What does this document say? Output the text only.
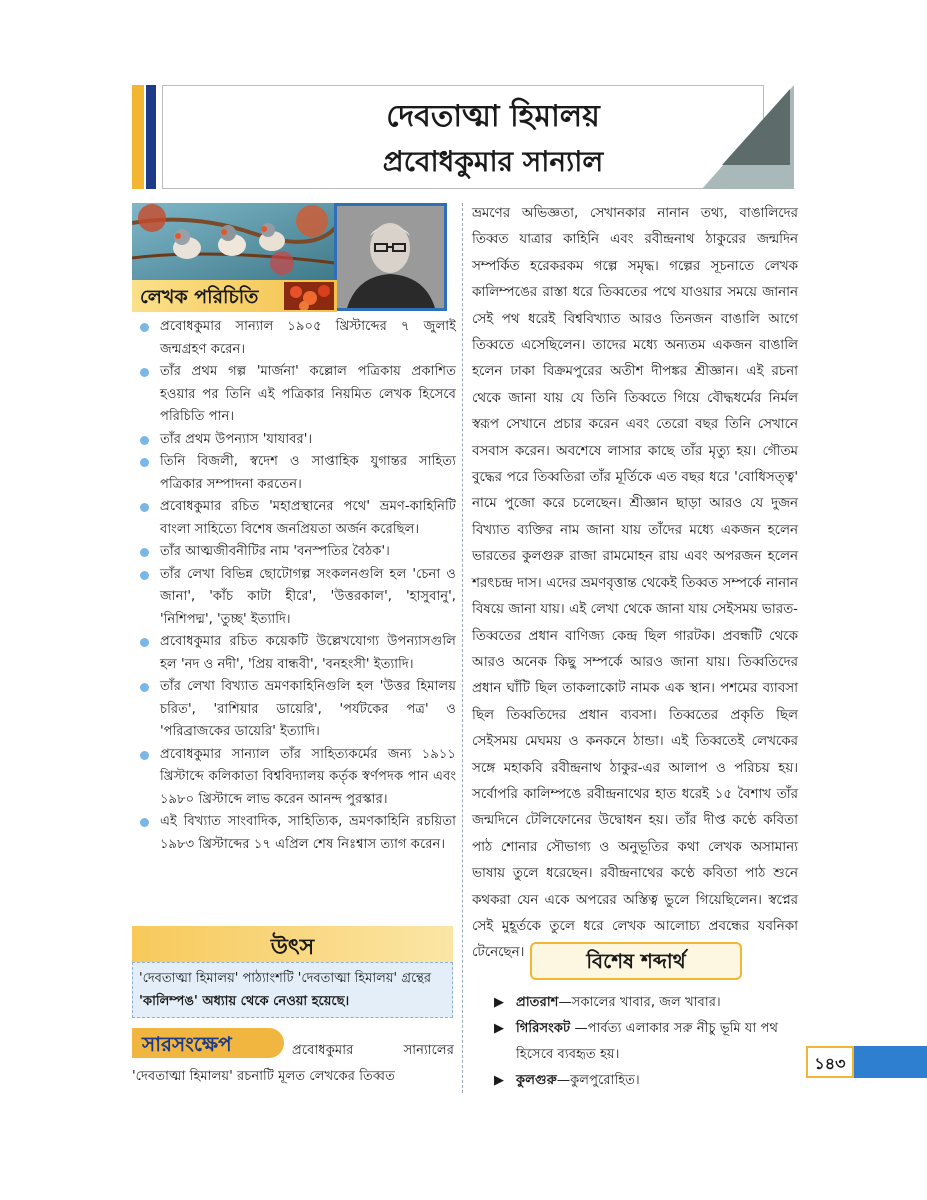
দেবতাত্মা হিমালয়
প্রবোধকুমার সান্যাল
লেখক পরিচিতি
প্রবোধকুমার সান্যাল ১৯০৫ খ্রিস্টাব্দের ৭ জুলাই জন্মগ্রহণ করেন।
তাঁর প্রথম গল্প 'মার্জনা' কল্লোল পত্রিকায় প্রকাশিত হওয়ার পর তিনি এই পত্রিকার নিয়মিত লেখক হিসেবে পরিচিতি পান।
তাঁর প্রথম উপন্যাস 'যাযাবর'।
তিনি বিজলী, স্বদেশ ও সাপ্তাহিক যুগান্তর সাহিত্য পত্রিকার সম্পাদনা করতেন।
প্রবোধকুমার রচিত 'মহাপ্রস্থানের পথে' ভ্রমণ-কাহিনিটি বাংলা সাহিত্যে বিশেষ জনপ্রিয়তা অর্জন করেছিল।
তাঁর আত্মজীবনীটির নাম 'বনস্পতির বৈঠক'।
তাঁর লেখা বিভিন্ন ছোটোগল্প সংকলনগুলি হল 'চেনা ও জানা', 'কাঁচ কাটা হীরে', 'উত্তরকাল', 'হাসুবানু', 'নিশিপদ্ম', 'তুচ্ছ' ইত্যাদি।
প্রবোধকুমার রচিত কয়েকটি উল্লেখযোগ্য উপন্যাসগুলি হল 'নদ ও নদী', 'প্রিয় বান্ধবী', 'বনহংসী' ইত্যাদি।
তাঁর লেখা বিখ্যাত ভ্রমণকাহিনিগুলি হল 'উত্তর হিমালয় চরিত', 'রাশিয়ার ডায়েরি', 'পর্যটকের পত্র' ও 'পরিব্রাজকের ডায়েরি' ইত্যাদি।
প্রবোধকুমার সান্যাল তাঁর সাহিত্যকর্মের জন্য ১৯১১ খ্রিস্টাব্দে কলিকাতা বিশ্ববিদ্যালয় কর্তৃক স্বর্ণপদক পান এবং ১৯৮০ খ্রিস্টাব্দে লাভ করেন আনন্দ পুরস্কার।
এই বিখ্যাত সাংবাদিক, সাহিত্যিক, ভ্রমণকাহিনি রচয়িতা ১৯৮৩ খ্রিস্টাব্দের ১৭ এপ্রিল শেষ নিঃশ্বাস ত্যাগ করেন।
উৎস
'দেবতাত্মা হিমালয়' পাঠ্যাংশটি 'দেবতাত্মা হিমালয়' গ্রন্থের
'কালিম্পঙ' অধ্যায় থেকে নেওয়া হয়েছে।
প্রবোধকুমার সান্যালের 'দেবতাত্মা হিমালয়' রচনাটি মূলত লেখকের তিব্বত
সারসংক্ষেপ
ভ্রমণের অভিজ্ঞতা, সেখানকার নানান তথ্য, বাঙালিদের তিব্বত যাত্রার কাহিনি এবং রবীন্দ্রনাথ ঠাকুরের জন্মদিন সম্পর্কিত হরেকরকম গল্পে সমৃদ্ধ। গল্পের সূচনাতে লেখক কালিম্পঙের রাস্তা ধরে তিব্বতের পথে যাওয়ার সময়ে জানান সেই পথ ধরেই বিশ্ববিখ্যাত আরও তিনজন বাঙালি আগে তিব্বতে এসেছিলেন। তাদের মধ্যে অন্যতম একজন বাঙালি হলেন ঢাকা বিক্রমপুরের অতীশ দীপঙ্কর শ্রীজ্ঞান। এই রচনা থেকে জানা যায় যে তিনি তিব্বতে গিয়ে বৌদ্ধধর্মের নির্মল স্বরূপ সেখানে প্রচার করেন এবং তেরো বছর তিনি সেখানে বসবাস করেন। অবশেষে লাসার কাছে তাঁর মৃত্যু হয়। গৌতম বুদ্ধের পরে তিব্বতিরা তাঁর মূর্তিকে এত বছর ধরে 'বোধিসত্ত্ব' নামে পুজো করে চলেছেন। শ্রীজ্ঞান ছাড়া আরও যে দুজন বিখ্যাত ব্যক্তির নাম জানা যায় তাঁদের মধ্যে একজন হলেন ভারতের কুলগুরু রাজা রামমোহন রায় এবং অপরজন হলেন শরৎচন্দ্র দাস। এদের ভ্রমণবৃত্তান্ত থেকেই তিব্বত সম্পর্কে নানান বিষয়ে জানা যায়। এই লেখা থেকে জানা যায় সেইসময় ভারত-তিব্বতের প্রধান বাণিজ্য কেন্দ্র ছিল গারটক। প্রবন্ধটি থেকে আরও অনেক কিছু সম্পর্কে আরও জানা যায়। তিব্বতিদের প্রধান ঘাঁটি ছিল তাকলাকোট নামক এক স্থান। পশমের ব্যাবসা ছিল তিব্বতিদের প্রধান ব্যবসা। তিব্বতের প্রকৃতি ছিল সেইসময় মেঘময় ও কনকনে ঠান্ডা। এই তিব্বতেই লেখকের সঙ্গে মহাকবি রবীন্দ্রনাথ ঠাকুর-এর আলাপ ও পরিচয় হয়। সর্বোপরি কালিম্পঙে রবীন্দ্রনাথের হাত ধরেই ১৫ বৈশাখ তাঁর জন্মদিনে টেলিফোনের উদ্বোধন হয়। তাঁর দীপ্ত কণ্ঠে কবিতা পাঠ শোনার সৌভাগ্য ও অনুভূতির কথা লেখক অসামান্য ভাষায় তুলে ধরেছেন। রবীন্দ্রনাথের কণ্ঠে কবিতা পাঠ শুনে কথকরা যেন একে অপরের অস্তিত্ব ভুলে গিয়েছিলেন। স্বপ্নের সেই মুহূর্তকে তুলে ধরে লেখক আলোচ্য প্রবন্ধের যবনিকা টেনেছেন।	বিশেষ শব্দার্থ
▶ প্রাতরাশ—সকালের খাবার, জল খাবার।
▶ গিরিসংকট —পার্বত্য এলাকার সরু নীচু ভূমি যা পথ হিসেবে ব্যবহৃত হয়।
▶ কুলগুরু—কুলপুরোহিত।
১৪৩
